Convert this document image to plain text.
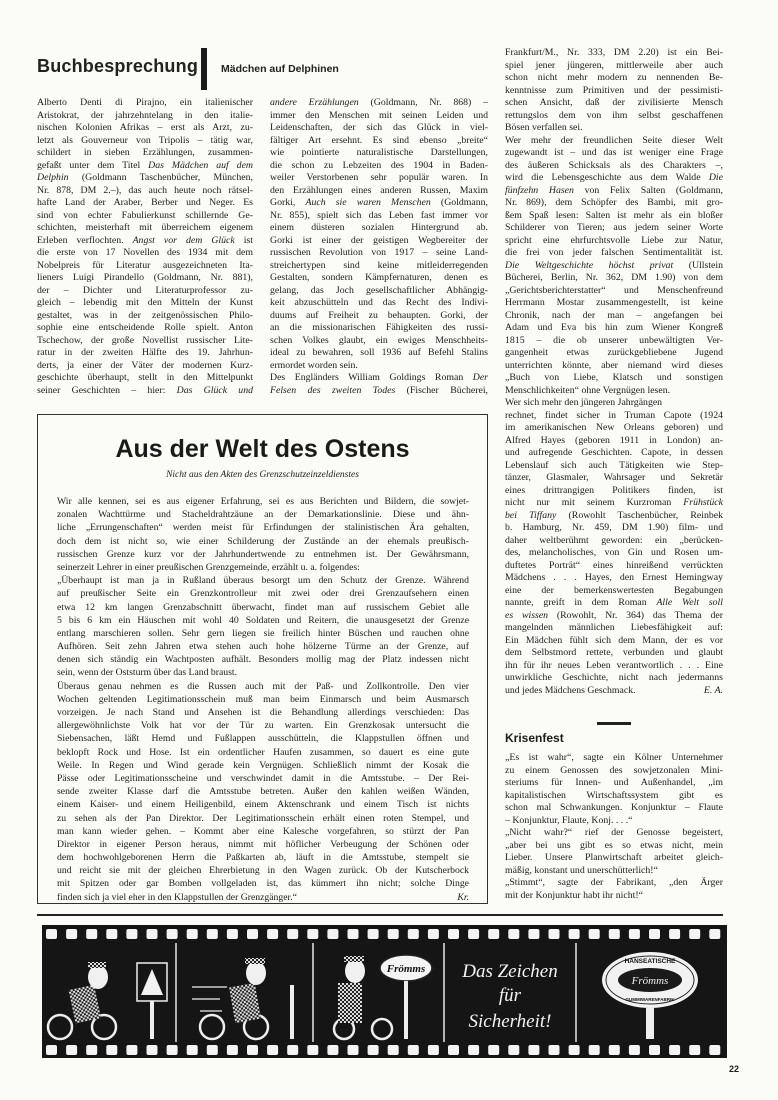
Buchbesprechung Mädchen auf Delphinen
Alberto Denti di Pirajno, ein italienischer
Aristokrat, der jahrzehntelang in den italie-
nischen Kolonien Afrikas – erst als Arzt, zu-
letzt als Gouverneur von Tripolis – tätig war,
schildert in sieben Erzählungen, zusammen-
gefaßt unter dem Titel Das Mädchen auf dem
Delphin (Goldmann Taschenbücher, München,
Nr. 878, DM 2.–), das auch heute noch rätsel-
hafte Land der Araber, Berber und Neger. Es
sind von echter Fabulierkunst schillernde Ge-
schichten, meisterhaft mit überreichem eigenem
Erleben verflochten. Angst vor dem Glück ist
die erste von 17 Novellen des 1934 mit dem
Nobelpreis für Literatur ausgezeichneten Ita-
lieners Luigi Pirandello (Goldmann, Nr. 881),
der – Dichter und Literaturprofessor zu-
gleich – lebendig mit den Mitteln der Kunst
gestaltet, was in der zeitgenössischen Philo-
sophie eine entscheidende Rolle spielt. Anton
Tschechow, der große Novellist russischer Lite-
ratur in der zweiten Hälfte des 19. Jahrhun-
derts, ja einer der Väter der modernen Kurz-
geschichte überhaupt, stellt in den Mittelpunkt
seiner Geschichten – hier: Das Glück und
andere Erzählungen (Goldmann, Nr. 868) –
immer den Menschen mit seinen Leiden und
Leidenschaften, der sich das Glück in viel-
fältiger Art ersehnt. Es sind ebenso „breite“
wie pointierte naturalistische Darstellungen,
die schon zu Lebzeiten des 1904 in Baden-
weiler Verstorbenen sehr populär waren. In
den Erzählungen eines anderen Russen, Maxim
Gorki, Auch sie waren Menschen (Goldmann,
Nr. 855), spielt sich das Leben fast immer vor
einem düsteren sozialen Hintergrund ab.
Gorki ist einer der geistigen Wegbereiter der
russischen Revolution von 1917 – seine Land-
streichertypen sind keine mitleiderregenden
Gestalten, sondern Kämpfernaturen, denen es
gelang, das Joch gesellschaftlicher Abhängig-
keit abzuschütteln und das Recht des Indivi-
duums auf Freiheit zu behaupten. Gorki, der
an die missionarischen Fähigkeiten des russi-
schen Volkes glaubt, ein ewiges Menschheits-
ideal zu bewahren, soll 1936 auf Befehl Stalins
ermordet worden sein.
Des Engländers William Goldings Roman Der
Felsen des zweiten Todes (Fischer Bücherei,
Frankfurt/M., Nr. 333, DM 2.20) ist ein Bei-
spiel jener jüngeren, mittlerweile aber auch
schon nicht mehr modern zu nennenden Be-
kenntnisse zum Primitiven und der pessimisti-
schen Ansicht, daß der zivilisierte Mensch
rettungslos dem von ihm selbst geschaffenen
Bösen verfallen sei.
Wer mehr der freundlichen Seite dieser Welt
zugewandt ist – und das ist weniger eine Frage
des äußeren Schicksals als des Charakters –,
wird die Lebensgeschichte aus dem Walde Die
fünfzehn Hasen von Felix Salten (Goldmann,
Nr. 869), dem Schöpfer des Bambi, mit gro-
ßem Spaß lesen: Salten ist mehr als ein bloßer
Schilderer von Tieren; aus jedem seiner Worte
spricht eine ehrfurchtsvolle Liebe zur Natur,
die frei von jeder falschen Sentimentalität ist.
Die Weltgeschichte höchst privat (Ullstein
Bücherei, Berlin, Nr. 362, DM 1.90) von dem
„Gerichtsberichterstatter“ und Menschenfreund
Herrmann Mostar zusammengestellt, ist keine
Chronik, nach der man – angefangen bei
Adam und Eva bis hin zum Wiener Kongreß
1815 – die ob unserer unbewältigten Ver-
gangenheit etwas zurückgebliebene Jugend
unterrichten könnte, aber niemand wird dieses
„Buch von Liebe, Klatsch und sonstigen
Menschlichkeiten“ ohne Vergnügen lesen.
Wer sich mehr den jüngeren Jahrgängen
rechnet, findet sicher in Truman Capote (1924
im amerikanischen New Orleans geboren) und
Alfred Hayes (geboren 1911 in London) an-
und aufregende Geschichten. Capote, in dessen
Lebenslauf sich auch Tätigkeiten wie Step-
tänzer, Glasmaler, Wahrsager und Sekretär
eines drittrangigen Politikers finden, ist
nicht nur mit seinem Kurzroman Frühstück
bei Tiffany (Rowohlt Taschenbücher, Reinbek
b. Hamburg, Nr. 459, DM 1.90) film- und
daher weltberühmt geworden: ein „berücken-
des, melancholisches, von Gin und Rosen um-
duftetes Porträt“ eines hinreißend verrückten
Mädchens . . . Hayes, den Ernest Hemingway
eine der bemerkenswertesten Begabungen
nannte, greift in dem Roman Alle Welt soll
es wissen (Rowohlt, Nr. 364) das Thema der
mangelnden männlichen Liebesfähigkeit auf:
Ein Mädchen fühlt sich dem Mann, der es vor
dem Selbstmord rettete, verbunden und glaubt
ihn für ihr neues Leben verantwortlich . . . Eine
unwirkliche Geschichte, nicht nach jedermanns
E. A.
und jedes Mädchens Geschmack.
Aus der Welt des Ostens
Nicht aus den Akten des Grenzschutzeinzeldienstes
Wir alle kennen, sei es aus eigener Erfahrung, sei es aus Berichten und Bildern, die sowjet-
zonalen Wachttürme und Stacheldrahtzäune an der Demarkationslinie. Diese und ähn-
liche „Errungenschaften“ werden meist für Erfindungen der stalinistischen Ära gehalten,
doch dem ist nicht so, wie einer Schilderung der Zustände an der ehemals preußisch-
russischen Grenze kurz vor der Jahrhundertwende zu entnehmen ist. Der Gewährsmann,
seinerzeit Lehrer in einer preußischen Grenzgemeinde, erzählt u. a. folgendes:
„Überhaupt ist man ja in Rußland überaus besorgt um den Schutz der Grenze. Während
auf preußischer Seite ein Grenzkontrolleur mit zwei oder drei Grenzaufsehern einen
etwa 12 km langen Grenzabschnitt überwacht, findet man auf russischem Gebiet alle
5 bis 6 km ein Häuschen mit wohl 40 Soldaten und Reitern, die unausgesetzt der Grenze
entlang marschieren sollen. Sehr gern liegen sie freilich hinter Büschen und rauchen ohne
Aufhören. Seit zehn Jahren etwa stehen auch hohe hölzerne Türme an der Grenze, auf
denen sich ständig ein Wachtposten aufhält. Besonders mollig mag der Platz indessen nicht
sein, wenn der Oststurm über das Land braust.
Überaus genau nehmen es die Russen auch mit der Paß- und Zollkontrolle. Den vier
Wochen geltenden Legitimationsschein muß man beim Einmarsch und beim Ausmarsch
vorzeigen. Je nach Stand und Ansehen ist die Behandlung allerdings verschieden: Das
allergewöhnlichste Volk hat vor der Tür zu warten. Ein Grenzkosak untersucht die
Siebensachen, läßt Hemd und Fußlappen ausschütteln, die Klappstullen öffnen und
beklopft Rock und Hose. Ist ein ordentlicher Haufen zusammen, so dauert es eine gute
Weile. In Regen und Wind gerade kein Vergnügen. Schließlich nimmt der Kosak die
Pässe oder Legitimationsscheine und verschwindet damit in die Amtsstube. – Der Rei-
sende zweiter Klasse darf die Amtsstube betreten. Außer den kahlen weißen Wänden,
einem Kaiser- und einem Heiligenbild, einem Aktenschrank und einem Tisch ist nichts
zu sehen als der Pan Direktor. Der Legitimationsschein erhält einen roten Stempel, und
man kann wieder gehen. – Kommt aber eine Kalesche vorgefahren, so stürzt der Pan
Direktor in eigener Person heraus, nimmt mit höflicher Verbeugung der Schönen oder
dem hochwohlgeborenen Herrn die Paßkarten ab, läuft in die Amtsstube, stempelt sie
und reicht sie mit der gleichen Ehrerbietung in den Wagen zurück. Ob der Kutscherbock
mit Spitzen oder gar Bomben vollgeladen ist, das kümmert ihn nicht; solche Dinge
Kr.
finden sich ja viel eher in den Klappstullen der Grenzgänger.“
Krisenfest
„Es ist wahr“, sagte ein Kölner Unternehmer
zu einem Genossen des sowjetzonalen Mini-
steriums für Innen- und Außenhandel, „im
kapitalistischen Wirtschaftssystem gibt es
schon mal Schwankungen. Konjunktur – Flaute
– Konjunktur, Flaute, Konj. . . .“
„Nicht wahr?“ rief der Genosse begeistert,
„aber bei uns gibt es so etwas nicht, mein
Lieber. Unsere Planwirtschaft arbeitet gleich-
mäßig, konstant und unerschütterlich!“
„Stimmt“, sagte der Fabrikant, „den Ärger
mit der Konjunktur habt ihr nicht!“
Frömms Das Zeichen
für
Sicherheit!
HANSEATISCHE
Frömms
GUMMIWARENFABRIK
22
